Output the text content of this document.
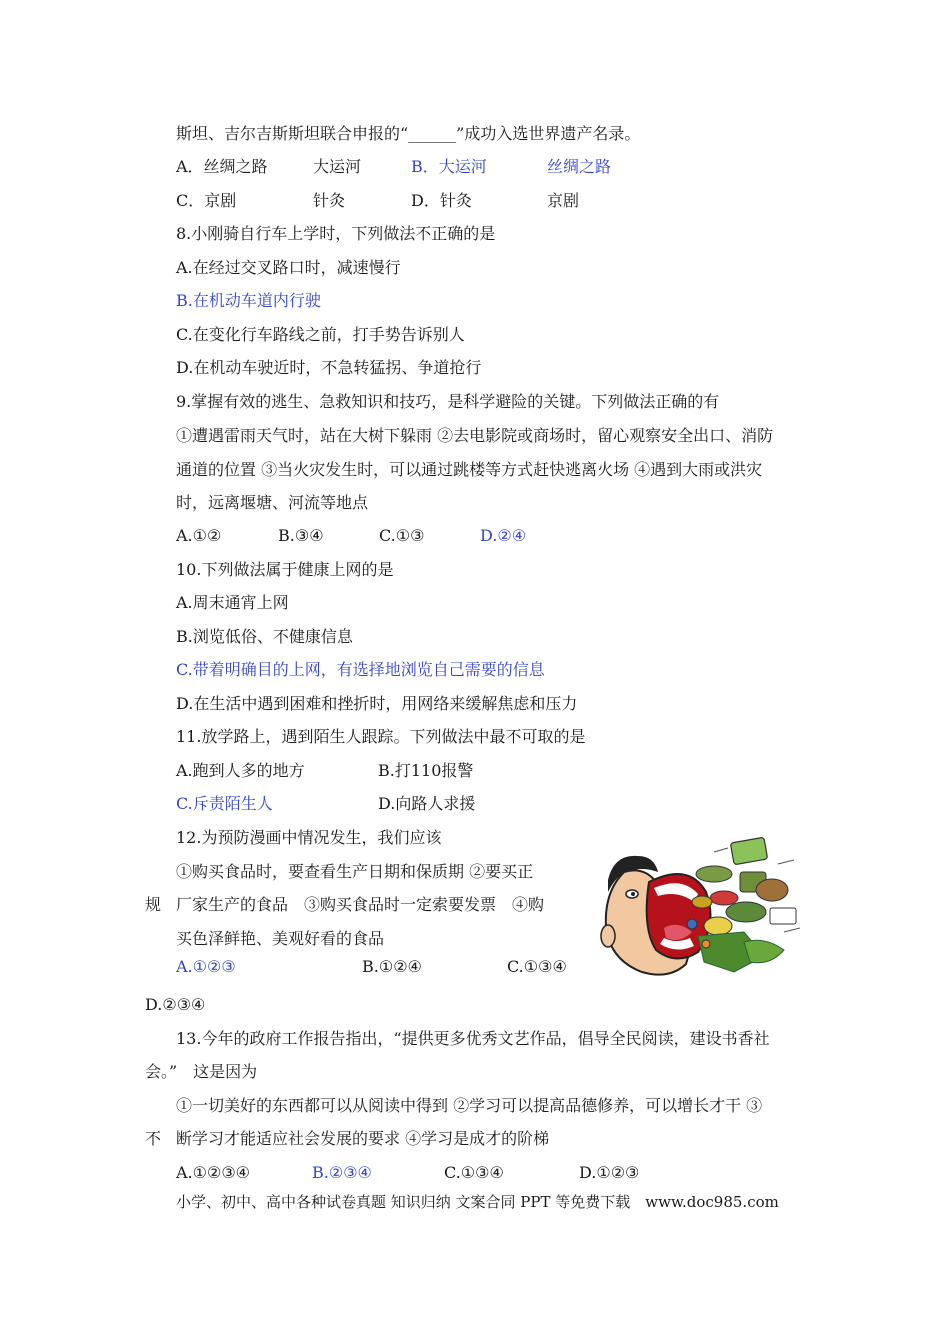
斯坦、吉尔吉斯斯坦联合申报的“______”成功入选世界遗产名录。
A．丝绸之路	大运河	B．大运河	丝绸之路
C．京剧	针灸	D．针灸	京剧
8.小刚骑自行车上学时，下列做法不正确的是
A.在经过交叉路口时，减速慢行
B.在机动车道内行驶
C.在变化行车路线之前，打手势告诉别人
D.在机动车驶近时，不急转猛拐、争道抢行
9.掌握有效的逃生、急救知识和技巧，是科学避险的关键。下列做法正确的有
①遭遇雷雨天气时，站在大树下躲雨 ②去电影院或商场时，留心观察安全出口、消防
通道的位置 ③当火灾发生时，可以通过跳楼等方式赶快逃离火场 ④遇到大雨或洪灾
时，远离堰塘、河流等地点
A.①②	B.③④	C.①③	D.②④
10.下列做法属于健康上网的是
A.周末通宵上网
B.浏览低俗、不健康信息
C.带着明确目的上网，有选择地浏览自己需要的信息
D.在生活中遇到困难和挫折时，用网络来缓解焦虑和压力
11.放学路上，遇到陌生人跟踪。下列做法中最不可取的是
A.跑到人多的地方	B.打110报警
C.斥责陌生人	D.向路人求援
12.为预防漫画中情况发生，我们应该
①购买食品时，要查看生产日期和保质期 ②要买正
规 厂家生产的食品　③购买食品时一定索要发票　④购
买色泽鲜艳、美观好看的食品
A.①②③	B.①②④	C.①③④
D.②③④
13.今年的政府工作报告指出，“提供更多优秀文艺作品，倡导全民阅读，建设书香社
会。”　这是因为
①一切美好的东西都可以从阅读中得到 ②学习可以提高品德修养，可以增长才干 ③
不 断学习才能适应社会发展的要求 ④学习是成才的阶梯
A.①②③④	B.②③④	C.①③④	D.①②③
小学、初中、高中各种试卷真题 知识归纳 文案合同 PPT 等免费下载　www.doc985.com
